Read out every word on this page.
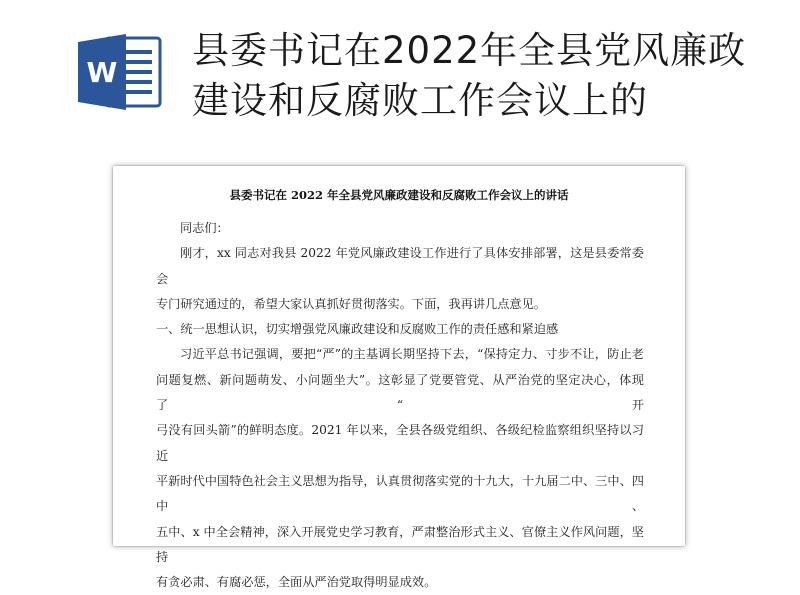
W
县委书记在2022年全县党风廉政建设和反腐败工作会议上的

县委书记在 2022 年全县党风廉政建设和反腐败工作会议上的讲话

同志们：

刚才，xx 同志对我县 2022 年党风廉政建设工作进行了具体安排部署，这是县委常委会

专门研究通过的，希望大家认真抓好贯彻落实。下面，我再讲几点意见。

一、统一思想认识，切实增强党风廉政建设和反腐败工作的责任感和紧迫感

习近平总书记强调，要把“严”的主基调长期坚持下去，“保持定力、寸步不让，防止老

问题复燃、新问题萌发、小问题坐大”。这彰显了党要管党、从严治党的坚定决心，体现了“开

弓没有回头箭”的鲜明态度。2021 年以来，全县各级党组织、各级纪检监察组织坚持以习近

平新时代中国特色社会主义思想为指导，认真贯彻落实党的十九大，十九届二中、三中、四中、

五中、x 中全会精神，深入开展党史学习教育，严肃整治形式主义、官僚主义作风问题，坚持

有贪必肃、有腐必惩，全面从严治党取得明显成效。
